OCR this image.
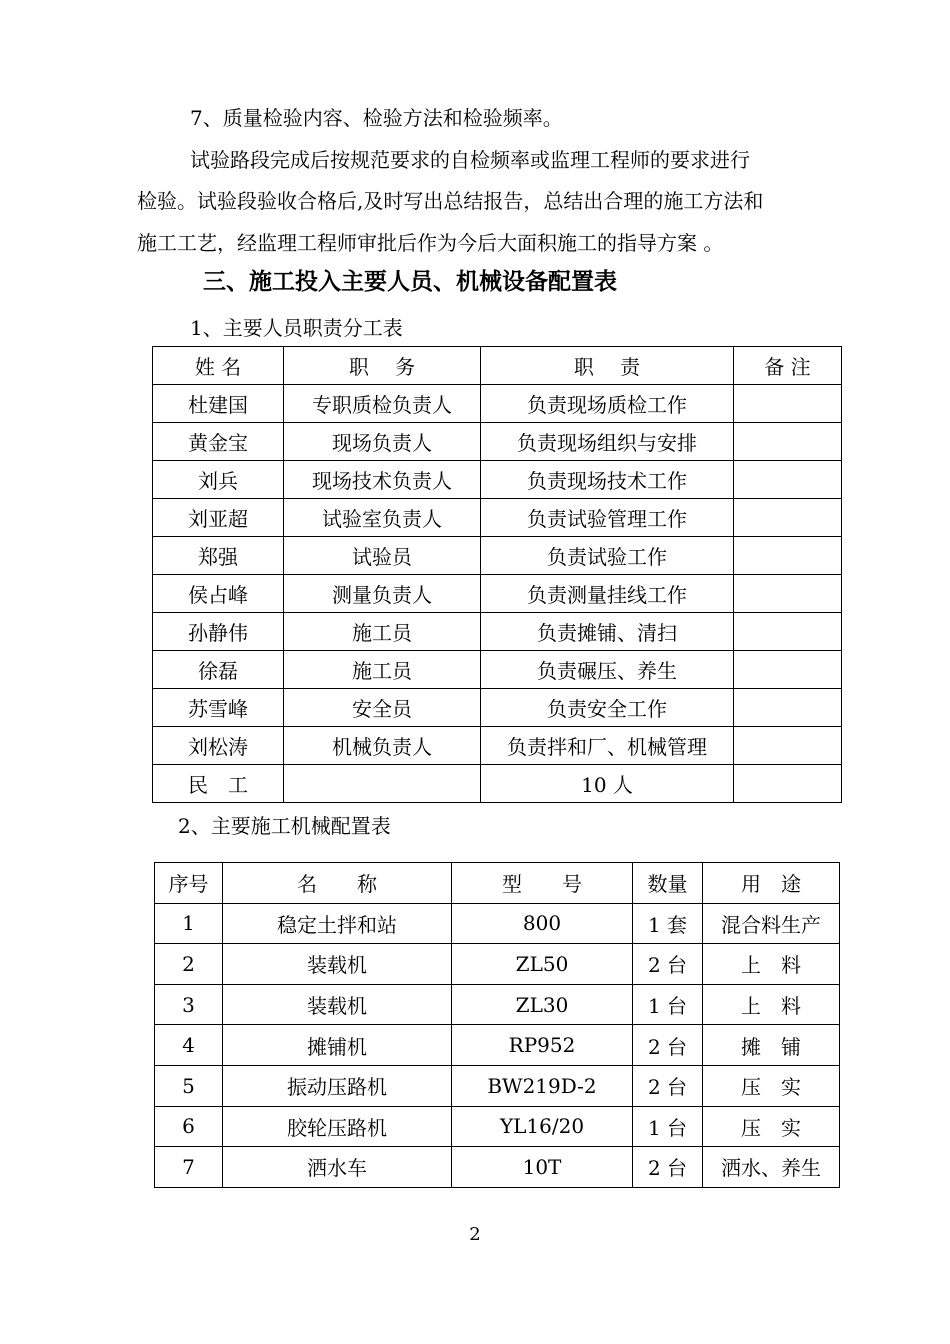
7、质量检验内容、检验方法和检验频率。
试验路段完成后按规范要求的自检频率或监理工程师的要求进行
检验。试验段验收合格后,及时写出总结报告，总结出合理的施工方法和
施工工艺，经监理工程师审批后作为今后大面积施工的指导方案 。
三、施工投入主要人员、机械设备配置表
1、主要人员职责分工表
姓 名	职　 务	职　 责	备 注
杜建国	专职质检负责人	负责现场质检工作	
黄金宝	现场负责人	负责现场组织与安排	
刘兵	现场技术负责人	负责现场技术工作	
刘亚超	试验室负责人	负责试验管理工作	
郑强	试验员	负责试验工作	
侯占峰	测量负责人	负责测量挂线工作	
孙静伟	施工员	负责摊铺、清扫	
徐磊	施工员	负责碾压、养生	
苏雪峰	安全员	负责安全工作	
刘松涛	机械负责人	负责拌和厂、机械管理	
民　工		10 人	
2、主要施工机械配置表
序号	名　　称	型　　号	数量	用　途
1	稳定土拌和站	800	1 套	混合料生产
2	装载机	ZL50	2 台	上　料
3	装载机	ZL30	1 台	上　料
4	摊铺机	RP952	2 台	摊　铺
5	振动压路机	BW219D-2	2 台	压　实
6	胶轮压路机	YL16/20	1 台	压　实
7	洒水车	10T	2 台	洒水、养生
2
